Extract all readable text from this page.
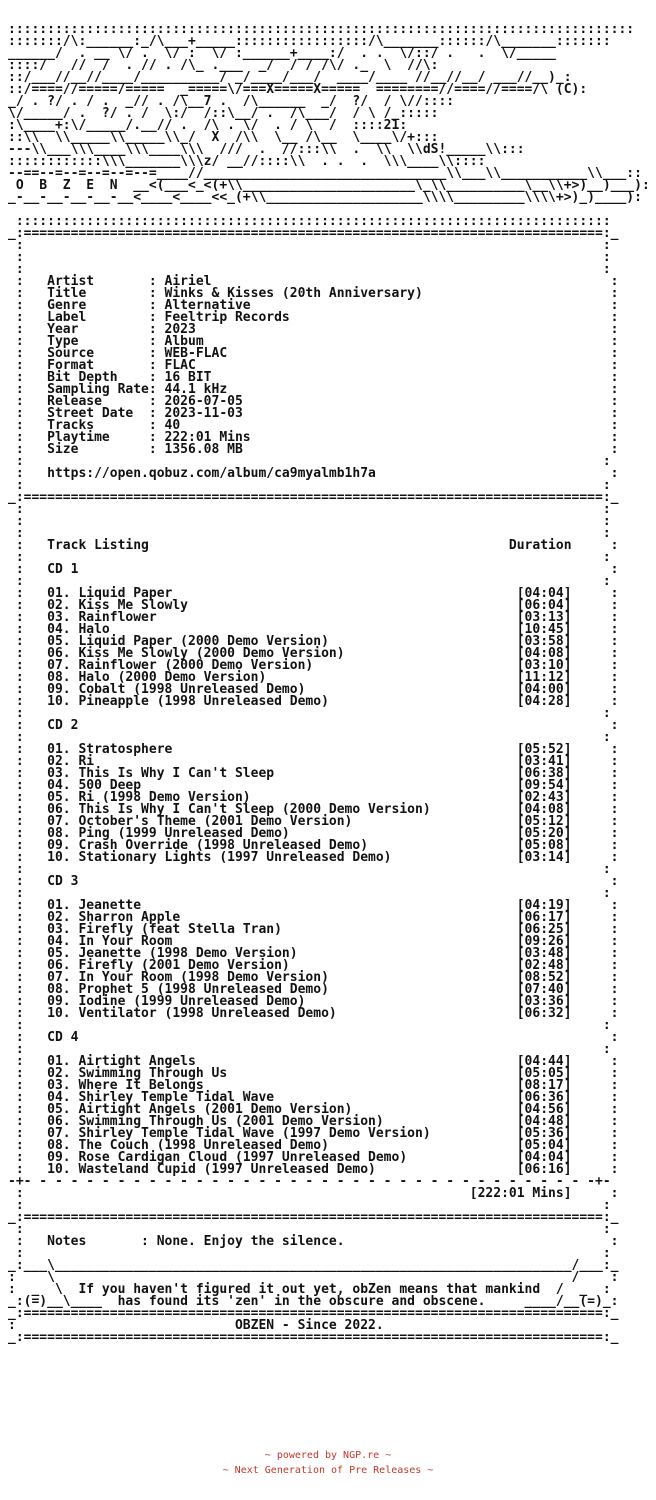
::::::::::::::::::::::::::::::::::::::::::::::::::::::::::::::::::::::::::::::::
:::::::/\:______:_/\___+_____:::::::::::::::::/\_______::::::/\_______:::::::
______/  . __ \/ .  \/ :  \/ :______+____:/  . .  \/::/ .   .  \/_____
::::/   //  /  . // . /\_ .___  _/  / / /\/ ._  \  //\:
::/___//__//____/__________/ _/____/___/  ____/____ //__//__/ ___//__)_:
::/====//=====/=====  _=====\/===X=====X=====  ========//====//====/\ (C):
_/ . ?/ . / .  _// . /\__7 .  /\______  _/  ?/  / \//::::
\/_____/ .  ?/ . /  \:/  /::\__/ .  /\___/  / \ /_:::::
:\____+:\/_____/.__// .  /\ . \/  . / \  /  ::::21:
::\\  \\_____\\_____\\_/  X  /\\  \__ /\__  \____\/+:::
---\\___\\\____\\\____\\\  ///  .  //:::\\  .  \\  \\dS!_____\\:::
::::::::::::\\\_______\\\z/ __//::::\\  . .  .  \\\____\\::::
--==--=--=--=--=--=____//_______________________________\\___\\___________\\___::
O  B  Z  E  N  __<(___<_<(+\\______________________\_\\__________\__\\+>)__)___):
_-__-__-__-__-__<____<____<<_(+\\____________________\\\\_________\\\\+>)_)____):

::::::::::::::::::::::::::::::::::::::::::::::::::::::::::::::::::::::::::::
_:==========================================================================:_
:                                                                          :
:                                                                          :
:                                                                          :
:   Artist       : Airiel                                                   :
:   Title        : Winks & Kisses (20th Anniversary)                        :
:   Genre        : Alternative                                              :
:   Label        : Feeltrip Records                                         :
:   Year         : 2023                                                     :
:   Type         : Album                                                    :
:   Source       : WEB-FLAC                                                 :
:   Format       : FLAC                                                     :
:   Bit Depth    : 16 BIT                                                   :
:   Sampling Rate: 44.1 kHz                                                 :
:   Release      : 2026-07-05                                               :
:   Street Date  : 2023-11-03                                               :
:   Tracks       : 40                                                       :
:   Playtime     : 222:01 Mins                                              :
:   Size         : 1356.08 MB                                               :
:                                                                          :
:   https://open.qobuz.com/album/ca9myalmb1h7a                              :
:                                                                          :
_:==========================================================================:_
:                                                                          :
:                                                                          :
:                                                                          :
:   Track Listing                                              Duration     :
:                                                                          :
:   CD 1                                                                    :
:                                                                          :
:   01. Liquid Paper                                            [04:04]     :
:   02. Kiss Me Slowly                                          [06:04]     :
:   03. Rainflower                                              [03:13]     :
:   04. Halo                                                    [10:45]     :
:   05. Liquid Paper (2000 Demo Version)                        [03:58]     :
:   06. Kiss Me Slowly (2000 Demo Version)                      [04:08]     :
:   07. Rainflower (2000 Demo Version)                          [03:10]     :
:   08. Halo (2000 Demo Version)                                [11:12]     :
:   09. Cobalt (1998 Unreleased Demo)                           [04:00]     :
:   10. Pineapple (1998 Unreleased Demo)                        [04:28]     :
:                                                                          :
:   CD 2                                                                    :
:                                                                          :
:   01. Stratosphere                                            [05:52]     :
:   02. Ri                                                      [03:41]     :
:   03. This Is Why I Can't Sleep                               [06:38]     :
:   04. 500 Deep                                                [09:54]     :
:   05. Ri (1998 Demo Version)                                  [02:43]     :
:   06. This Is Why I Can't Sleep (2000 Demo Version)           [04:08]     :
:   07. October's Theme (2001 Demo Version)                     [05:12]     :
:   08. Ping (1999 Unreleased Demo)                             [05:20]     :
:   09. Crash Override (1998 Unreleased Demo)                   [05:08]     :
:   10. Stationary Lights (1997 Unreleased Demo)                [03:14]     :
:                                                                          :
:   CD 3                                                                    :
:                                                                          :
:   01. Jeanette                                                [04:19]     :
:   02. Sharron Apple                                           [06:17]     :
:   03. Firefly (feat Stella Tran)                              [06:25]     :
:   04. In Your Room                                            [09:26]     :
:   05. Jeanette (1998 Demo Version)                            [03:48]     :
:   06. Firefly (2001 Demo Version)                             [02:48]     :
:   07. In Your Room (1998 Demo Version)                        [08:52]     :
:   08. Prophet 5 (1998 Unreleased Demo)                        [07:40]     :
:   09. Iodine (1999 Unreleased Demo)                           [03:36]     :
:   10. Ventilator (1998 Unreleased Demo)                       [06:32]     :
:                                                                          :
:   CD 4                                                                    :
:                                                                          :
:   01. Airtight Angels                                         [04:44]     :
:   02. Swimming Through Us                                     [05:05]     :
:   03. Where It Belongs                                        [08:17]     :
:   04. Shirley Temple Tidal Wave                               [06:36]     :
:   05. Airtight Angels (2001 Demo Version)                     [04:56]     :
:   06. Swimming Through Us (2001 Demo Version)                 [04:48]     :
:   07. Shirley Temple Tidal Wave (1997 Demo Version)           [05:36]     :
:   08. The Couch (1998 Unreleased Demo)                        [05:04]     :
:   09. Rose Cardigan Cloud (1997 Unreleased Demo)              [04:04]     :
:   10. Wasteland Cupid (1997 Unreleased Demo)                  [06:16]     :
-+- - - - - - - - - - - - - - - - - - - - - - - - - - - - - - - - - - - - -+-
:                                                         [222:01 Mins]     :
:                                                                          :
_:==========================================================================:_
:                                                                          :
:   Notes       : None. Enjoy the silence.                                  :
:                                                                          :
_:___\__________________________________________________________________/___:_
:    \                                                                  /    :
:  _  \  If you haven't figured it out yet, obZen means that mankind  /  _  :
_:(=)__\____  has found its 'zen' in the obscure and obscene.     ____/__(=)_:
_:==========================================================================:_
:                            OBZEN - Since 2022.
_:==========================================================================:_
~ powered by NGP.re ~
~ Next Generation of Pre Releases ~
